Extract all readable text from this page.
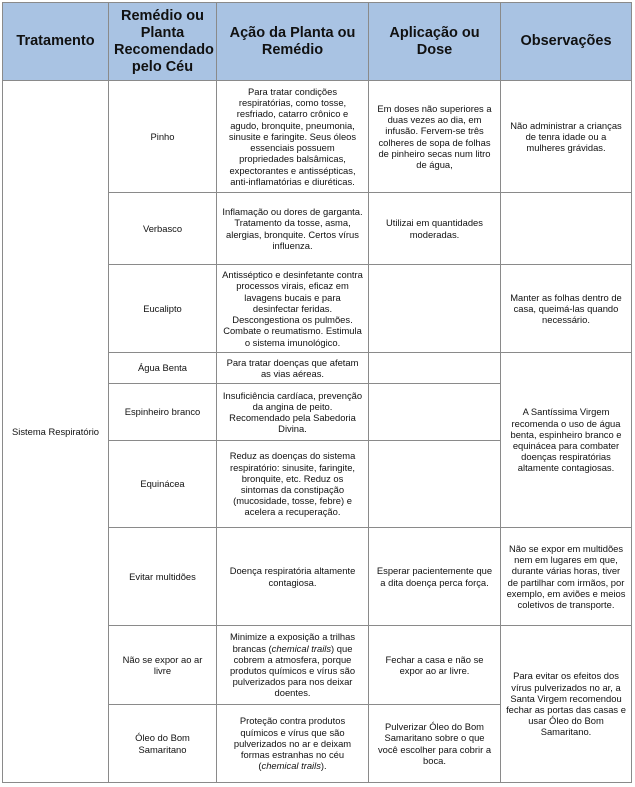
Tratamento	Remédio ou Planta Recomendado pelo Céu	Ação da Planta ou Remédio	Aplicação ou Dose	Observações
Sistema Respiratório	Pinho	Para tratar condições respiratórias, como tosse, resfriado, catarro crônico e agudo, bronquite, pneumonia, sinusite e faringite. Seus óleos essenciais possuem propriedades balsâmicas, expectorantes e antissépticas, anti-inflamatórias e diuréticas.	Em doses não superiores a duas vezes ao dia, em infusão. Fervem-se três colheres de sopa de folhas de pinheiro secas num litro de água,	Não administrar a crianças de tenra idade ou a mulheres grávidas.
	Verbasco	Inflamação ou dores de garganta. Tratamento da tosse, asma, alergias, bronquite. Certos vírus influenza.	Utilizai em quantidades moderadas.	
	Eucalipto	Antisséptico e desinfetante contra processos virais, eficaz em lavagens bucais e para desinfectar feridas. Descongestiona os pulmões. Combate o reumatismo. Estimula o sistema imunológico.		Manter as folhas dentro de casa, queimá-las quando necessário.
	Água Benta	Para tratar doenças que afetam as vias aéreas.		A Santíssima Virgem recomenda o uso de água benta, espinheiro branco e equinácea para combater doenças respiratórias altamente contagiosas.
	Espinheiro branco	Insuficiência cardíaca, prevenção da angina de peito. Recomendado pela Sabedoria Divina.		
	Equinácea	Reduz as doenças do sistema respiratório: sinusite, faringite, bronquite, etc. Reduz os sintomas da constipação (mucosidade, tosse, febre) e acelera a recuperação.		
	Evitar multidões	Doença respiratória altamente contagiosa.	Esperar pacientemente que a dita doença perca força.	Não se expor em multidões nem em lugares em que, durante várias horas, tiver de partilhar com irmãos, por exemplo, em aviões e meios coletivos de transporte.
	Não se expor ao ar livre	Minimize a exposição a trilhas brancas (chemical trails) que cobrem a atmosfera, porque produtos químicos e vírus são pulverizados para nos deixar doentes.	Fechar a casa e não se expor ao ar livre.	Para evitar os efeitos dos vírus pulverizados no ar, a Santa Virgem recomendou fechar as portas das casas e usar Óleo do Bom Samaritano.
	Óleo do Bom Samaritano	Proteção contra produtos químicos e vírus que são pulverizados no ar e deixam formas estranhas no céu (chemical trails).	Pulverizar Óleo do Bom Samaritano sobre o que você escolher para cobrir a boca.	
